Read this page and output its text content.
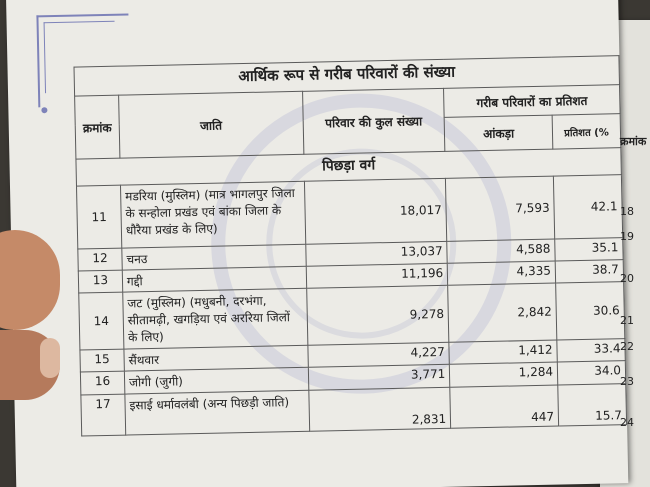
आर्थिक रूप से गरीब परिवारों की संख्या				
क्रमांक	जाति	परिवार की कुल संख्या	गरीब परिवारों का प्रतिशत	
			आंकड़ा	प्रतिशत (%
पिछड़ा वर्ग				
11	मडरिया (मुस्लिम) (मात्र भागलपुर जिला के सन्होला प्रखंड एवं बांका जिला के धौरैया प्रखंड के लिए)	18,017	7,593	42.1
12	चनउ	13,037	4,588	35.1
13	गद्दी	11,196	4,335	38.7
14	जट (मुस्लिम) (मधुबनी, दरभंगा, सीतामढ़ी, खगड़िया एवं अररिया जिलों के लिए)	9,278	2,842	30.6
15	सैंथवार	4,227	1,412	33.4
16	जोगी (जुगी)	3,771	1,284	34.0
17	इसाई धर्मावलंबी (अन्य पिछड़ी जाति)	2,831	447	15.7
क्रमांक
18
19
20
21
22
23
24
